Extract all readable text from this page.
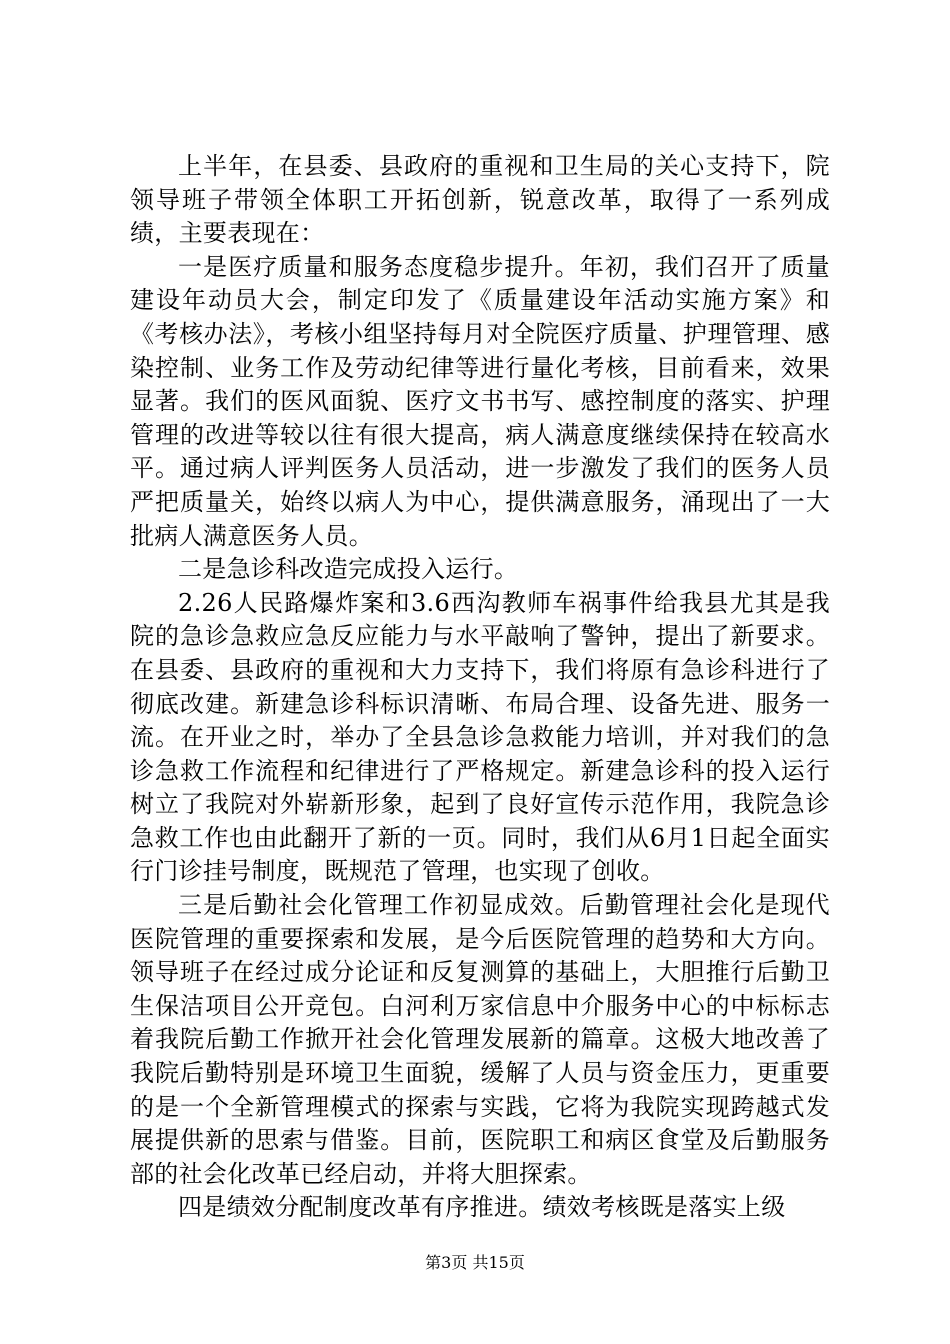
上半年，在县委、县政府的重视和卫生局的关心支持下，院领导班子带领全体职工开拓创新，锐意改革，取得了一系列成绩，主要表现在：

一是医疗质量和服务态度稳步提升。年初，我们召开了质量建设年动员大会，制定印发了《质量建设年活动实施方案》和《考核办法》，考核小组坚持每月对全院医疗质量、护理管理、感染控制、业务工作及劳动纪律等进行量化考核，目前看来，效果显著。我们的医风面貌、医疗文书书写、感控制度的落实、护理管理的改进等较以往有很大提高，病人满意度继续保持在较高水平。通过病人评判医务人员活动，进一步激发了我们的医务人员严把质量关，始终以病人为中心，提供满意服务，涌现出了一大批病人满意医务人员。

二是急诊科改造完成投入运行。

2.26人民路爆炸案和3.6西沟教师车祸事件给我县尤其是我院的急诊急救应急反应能力与水平敲响了警钟，提出了新要求。在县委、县政府的重视和大力支持下，我们将原有急诊科进行了彻底改建。新建急诊科标识清晰、布局合理、设备先进、服务一流。在开业之时，举办了全县急诊急救能力培训，并对我们的急诊急救工作流程和纪律进行了严格规定。新建急诊科的投入运行树立了我院对外崭新形象，起到了良好宣传示范作用，我院急诊急救工作也由此翻开了新的一页。同时，我们从6月1日起全面实行门诊挂号制度，既规范了管理，也实现了创收。

三是后勤社会化管理工作初显成效。后勤管理社会化是现代医院管理的重要探索和发展，是今后医院管理的趋势和大方向。领导班子在经过成分论证和反复测算的基础上，大胆推行后勤卫生保洁项目公开竞包。白河利万家信息中介服务中心的中标标志着我院后勤工作掀开社会化管理发展新的篇章。这极大地改善了我院后勤特别是环境卫生面貌，缓解了人员与资金压力，更重要的是一个全新管理模式的探索与实践，它将为我院实现跨越式发展提供新的思索与借鉴。目前，医院职工和病区食堂及后勤服务部的社会化改革已经启动，并将大胆探索。

四是绩效分配制度改革有序推进。绩效考核既是落实上级

第3页 共15页
